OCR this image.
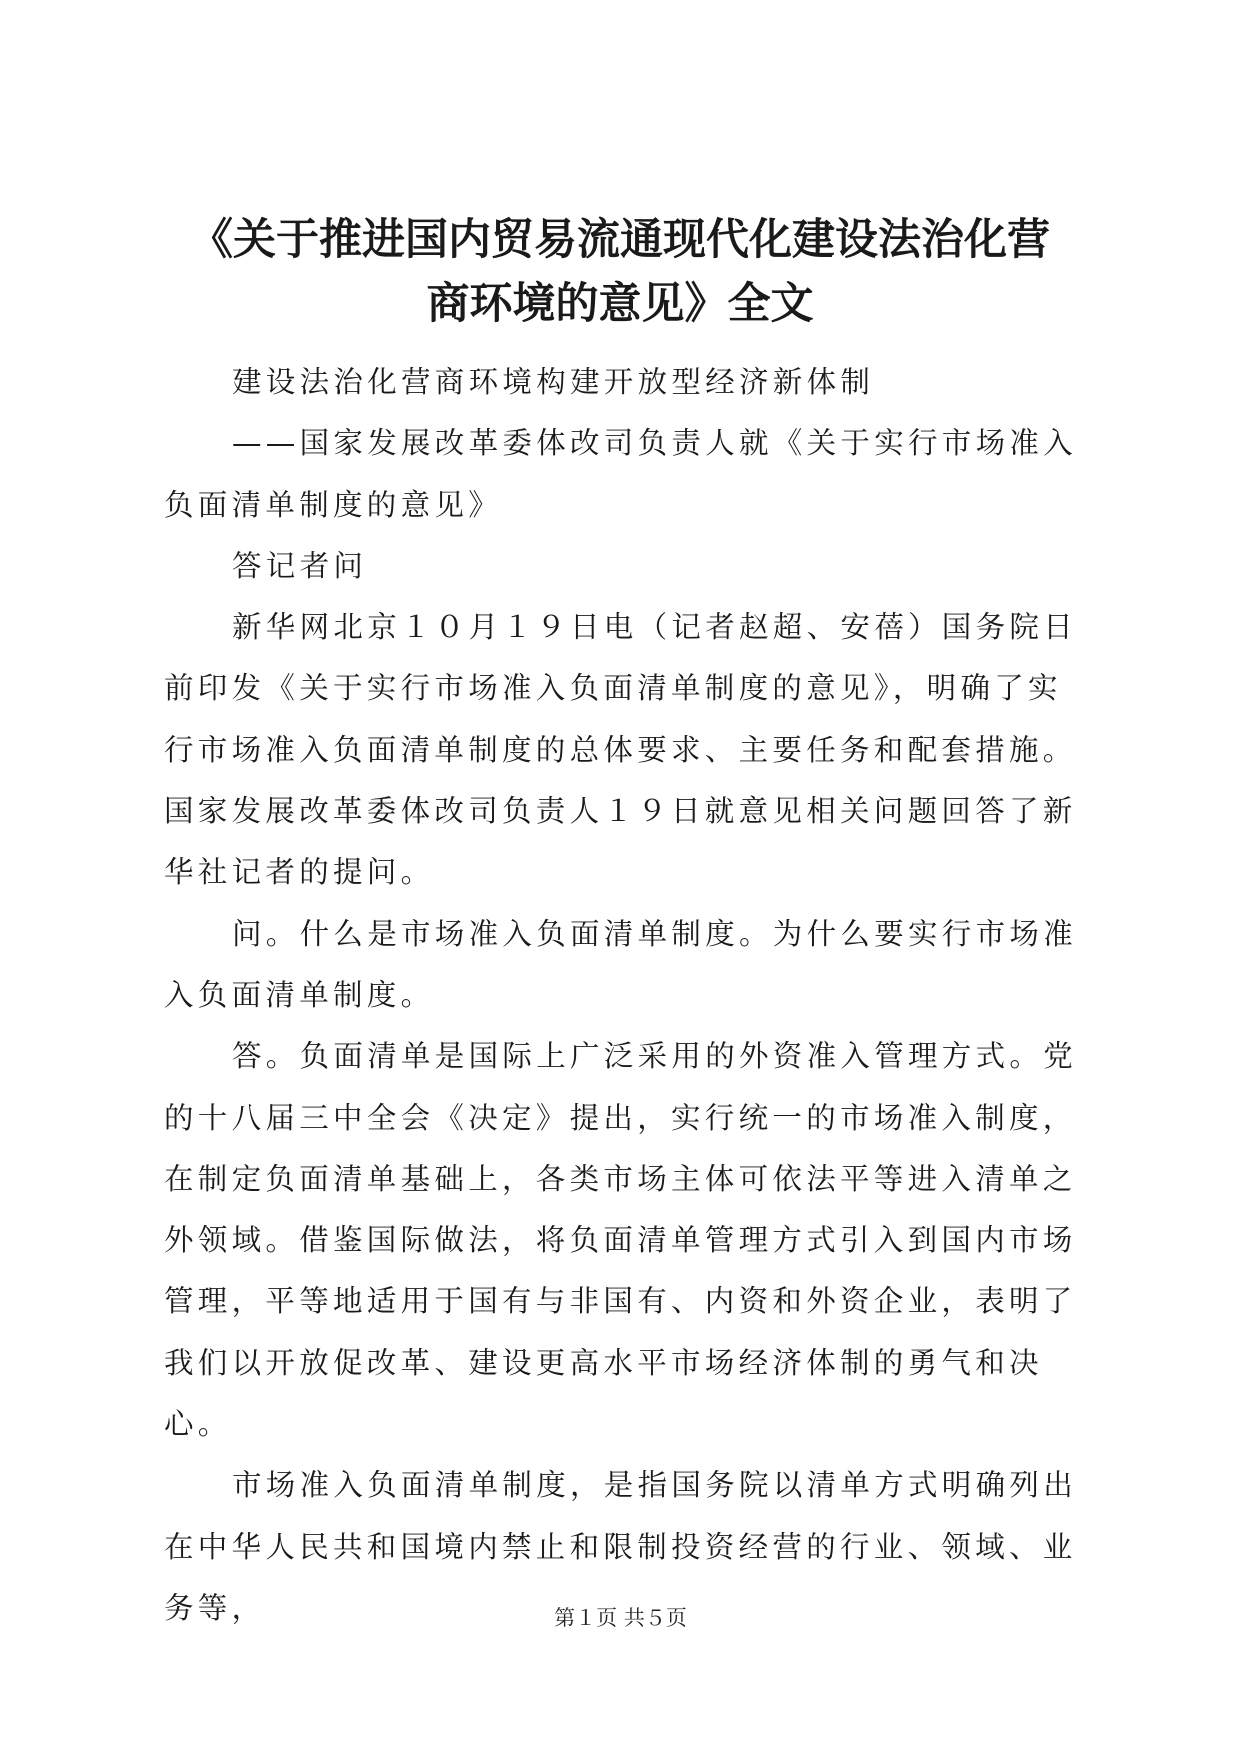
《关于推进国内贸易流通现代化建设法治化营
商环境的意见》全文

建设法治化营商环境构建开放型经济新体制

——国家发展改革委体改司负责人就《关于实行市场准入负面清单制度的意见》

答记者问

新华网北京１０月１９日电（记者赵超、安蓓）国务院日前印发《关于实行市场准入负面清单制度的意见》，明确了实行市场准入负面清单制度的总体要求、主要任务和配套措施。国家发展改革委体改司负责人１９日就意见相关问题回答了新华社记者的提问。

问。什么是市场准入负面清单制度。为什么要实行市场准入负面清单制度。

答。负面清单是国际上广泛采用的外资准入管理方式。党的十八届三中全会《决定》提出，实行统一的市场准入制度，在制定负面清单基础上，各类市场主体可依法平等进入清单之外领域。借鉴国际做法，将负面清单管理方式引入到国内市场管理，平等地适用于国有与非国有、内资和外资企业，表明了我们以开放促改革、建设更高水平市场经济体制的勇气和决心。

市场准入负面清单制度，是指国务院以清单方式明确列出在中华人民共和国境内禁止和限制投资经营的行业、领域、业务等，	第１页 共５页
